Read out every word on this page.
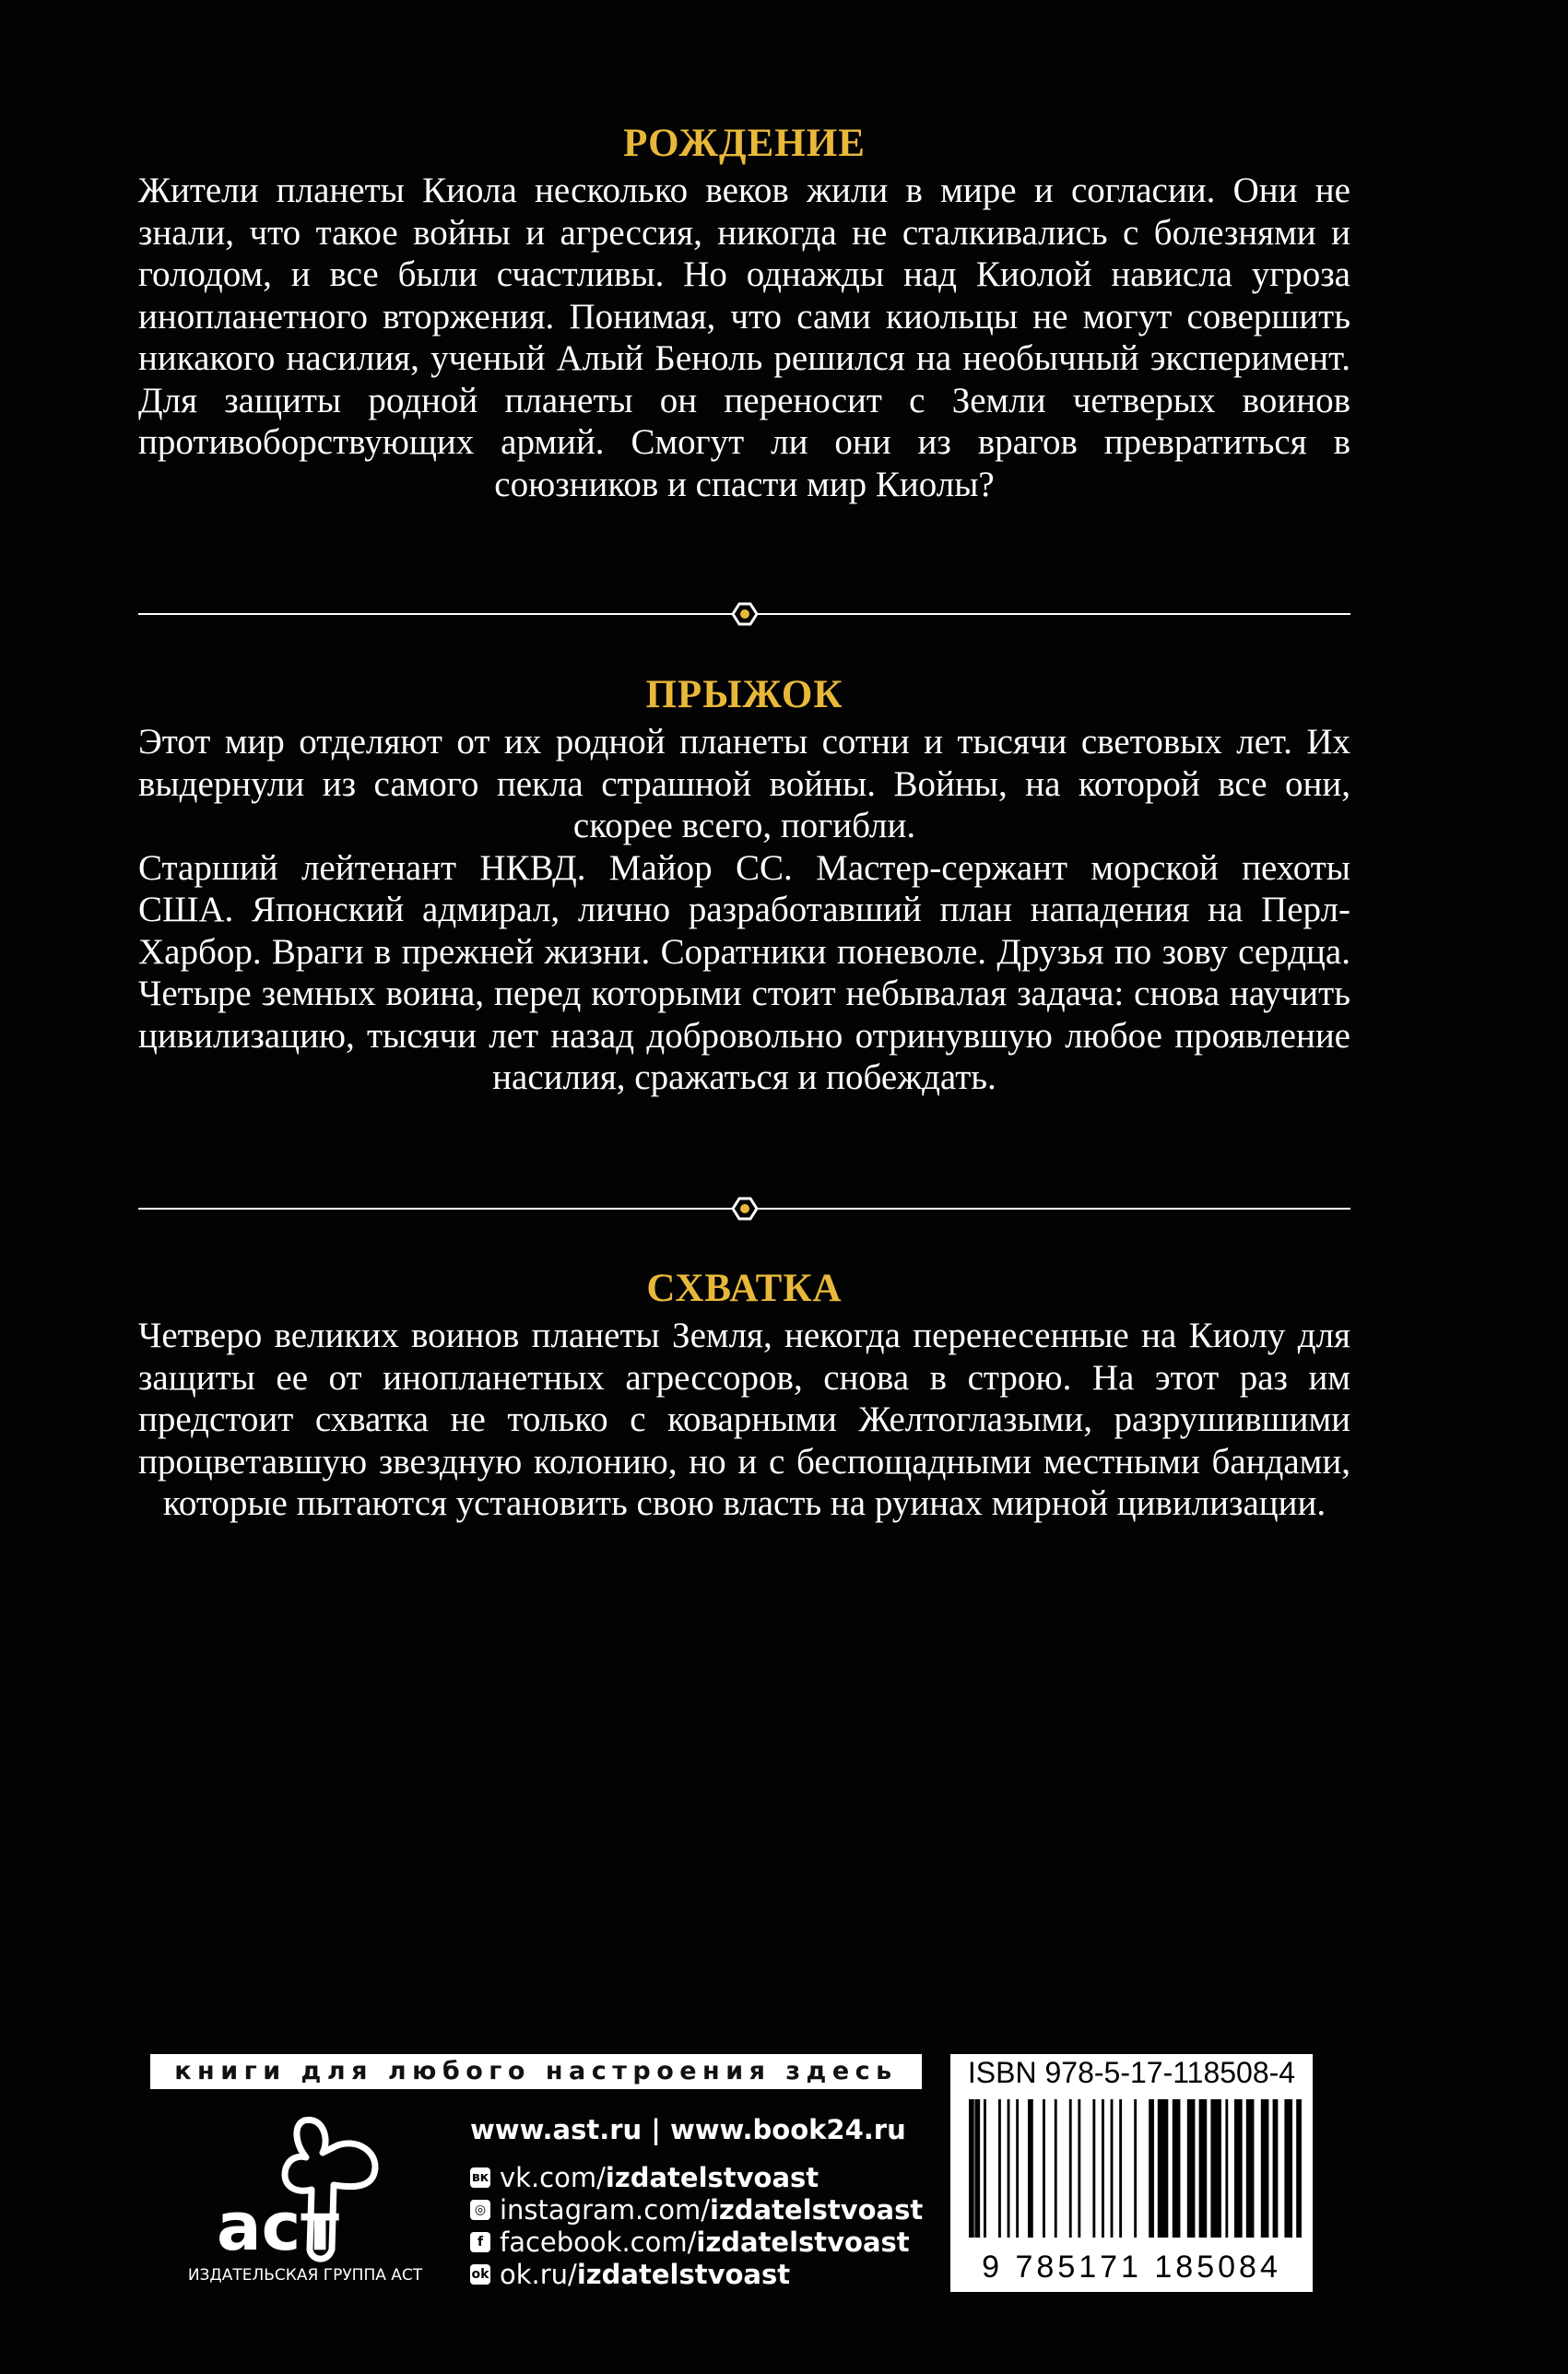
РОЖДЕНИЕ

Жители планеты Киола несколько веков жили в мире и согласии. Они не знали, что такое войны и агрессия, никогда не сталкивались с болезнями и голодом, и все были счастливы. Но однажды над Киолой нависла угроза инопланетного вторжения. Понимая, что сами киольцы не могут совершить никакого насилия, ученый Алый Беноль решился на необычный эксперимент. Для защиты родной планеты он переносит с Земли четверых воинов противоборствующих армий. Смогут ли они из врагов превратиться в союзников и спасти мир Киолы?

ПРЫЖОК

Этот мир отделяют от их родной планеты сотни и тысячи световых лет. Их выдернули из самого пекла страшной войны. Войны, на которой все они, скорее всего, погибли.

Старший лейтенант НКВД. Майор СС. Мастер-сержант морской пехоты США. Японский адмирал, лично разработавший план нападения на Перл-Харбор. Враги в прежней жизни. Соратники поневоле. Друзья по зову сердца. Четыре земных воина, перед которыми стоит небывалая задача: снова научить цивилизацию, тысячи лет назад добровольно отринувшую любое проявление насилия, сражаться и побеждать.

СХВАТКА

Четверо великих воинов планеты Земля, некогда перенесенные на Киолу для защиты ее от инопланетных агрессоров, снова в строю. На этот раз им предстоит схватка не только с коварными Желтоглазыми, разрушившими процветавшую звездную колонию, но и с беспощадными местными бандами, которые пытаются установить свою власть на руинах мирной цивилизации.

книги для любого настроения здесь
аст
ИЗДАТЕЛЬСКАЯ ГРУППА АСТ
www.ast.ru | www.book24.ru
вк vk.com/ izdatelstvoast
◎ instagram.com/ izdatelstvoast
f facebook.com/ izdatelstvoast
ok ok.ru/ izdatelstvoast
ISBN 978-5-17-118508-4
9 785171 185084
